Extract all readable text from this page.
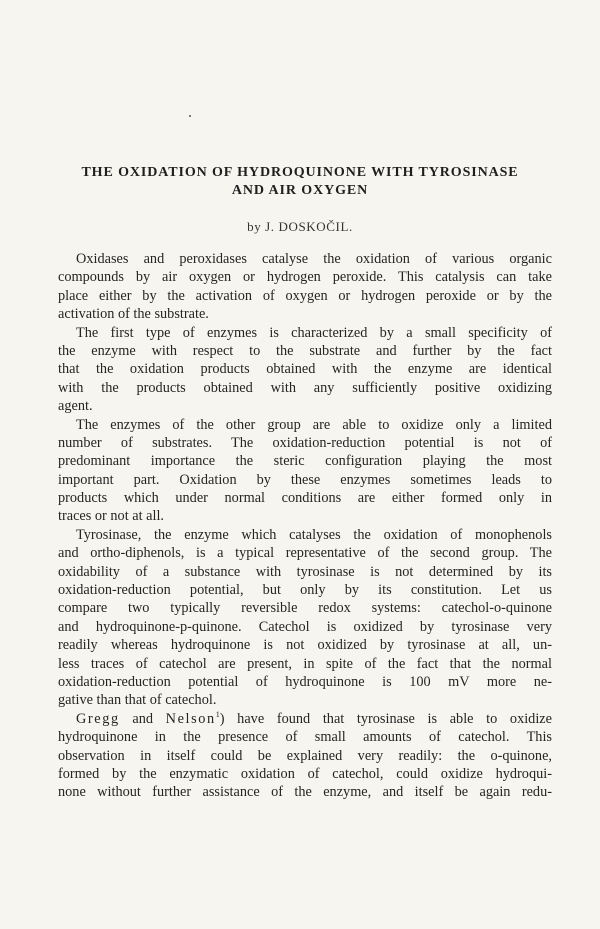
THE OXIDATION OF HYDROQUINONE WITH TYROSINASE
AND AIR OXYGEN
by J. DOSKOČIL.
Oxidases and peroxidases catalyse the oxidation of various organic
compounds by air oxygen or hydrogen peroxide. This catalysis can take
place either by the activation of oxygen or hydrogen peroxide or by the
activation of the substrate.
The first type of enzymes is characterized by a small specificity of
the enzyme with respect to the substrate and further by the fact
that the oxidation products obtained with the enzyme are identical
with the products obtained with any sufficiently positive oxidizing
agent.
The enzymes of the other group are able to oxidize only a limited
number of substrates. The oxidation-reduction potential is not of
predominant importance the steric configuration playing the most
important part. Oxidation by these enzymes sometimes leads to
products which under normal conditions are either formed only in
traces or not at all.
Tyrosinase, the enzyme which catalyses the oxidation of monophenols
and ortho-diphenols, is a typical representative of the second group. The
oxidability of a substance with tyrosinase is not determined by its
oxidation-reduction potential, but only by its constitution. Let us
compare two typically reversible redox systems: catechol-o-quinone
and hydroquinone-p-quinone. Catechol is oxidized by tyrosinase very
readily whereas hydroquinone is not oxidized by tyrosinase at all, un-
less traces of catechol are present, in spite of the fact that the normal
oxidation-reduction potential of hydroquinone is 100 mV more ne-
gative than that of catechol.
Gregg and Nelson$^1$) have found that tyrosinase is able to oxidize
hydroquinone in the presence of small amounts of catechol. This
observation in itself could be explained very readily: the o-quinone,
formed by the enzymatic oxidation of catechol, could oxidize hydroqui-
none without further assistance of the enzyme, and itself be again redu-
